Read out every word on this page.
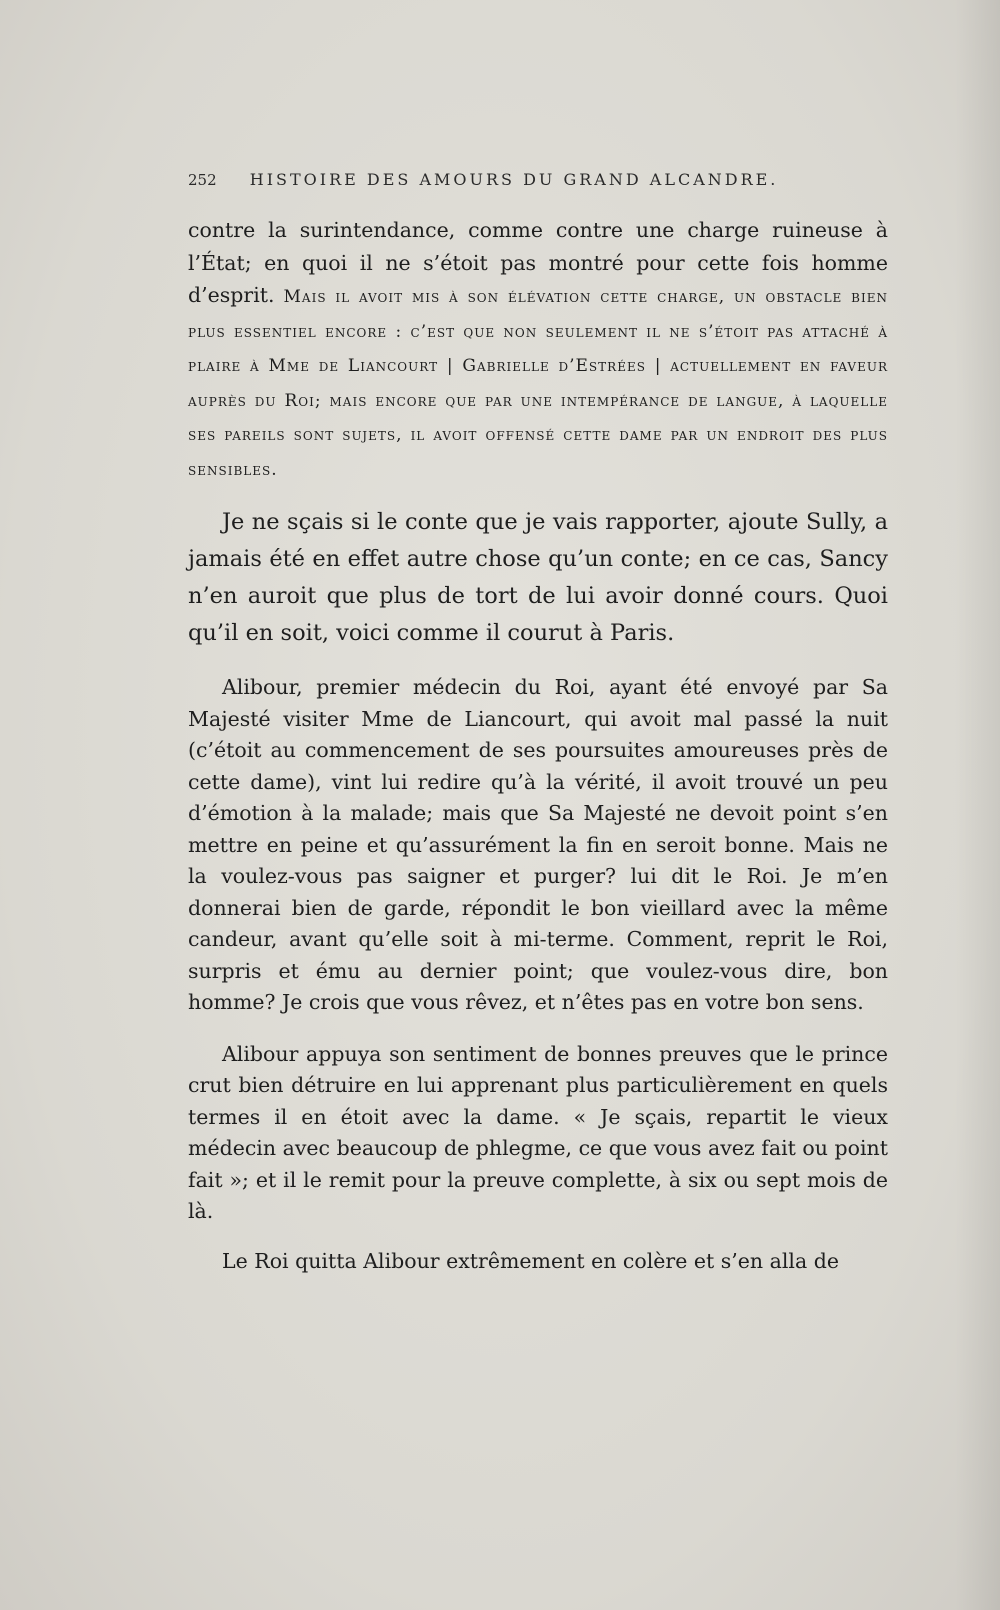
252 HISTOIRE DES AMOURS DU GRAND ALCANDRE.

contre la surintendance, comme contre une charge ruineuse à l’État; en quoi il ne s’étoit pas montré pour cette fois homme d’esprit. Mais il avoit mis à son élévation cette charge, un obstacle bien plus essentiel encore : c’est que non seulement il ne s’étoit pas attaché à plaire à Mme de Liancourt | Gabrielle d’Estrées | actuellement en faveur auprès du Roi; mais encore que par une intempérance de langue, à laquelle ses pareils sont sujets, il avoit offensé cette dame par un endroit des plus sensibles.

Je ne sçais si le conte que je vais rapporter, ajoute Sully, a jamais été en effet autre chose qu’un conte; en ce cas, Sancy n’en auroit que plus de tort de lui avoir donné cours. Quoi qu’il en soit, voici comme il courut à Paris.

Alibour, premier médecin du Roi, ayant été envoyé par Sa Majesté visiter Mme de Liancourt, qui avoit mal passé la nuit (c’étoit au commencement de ses poursuites amoureuses près de cette dame), vint lui redire qu’à la vérité, il avoit trouvé un peu d’émotion à la malade; mais que Sa Majesté ne devoit point s’en mettre en peine et qu’assurément la fin en seroit bonne. Mais ne la voulez-vous pas saigner et purger? lui dit le Roi. Je m’en donnerai bien de garde, répondit le bon vieillard avec la même candeur, avant qu’elle soit à mi-terme. Comment, reprit le Roi, surpris et ému au dernier point; que voulez-vous dire, bon homme? Je crois que vous rêvez, et n’êtes pas en votre bon sens.

Alibour appuya son sentiment de bonnes preuves que le prince crut bien détruire en lui apprenant plus particulièrement en quels termes il en étoit avec la dame. « Je sçais, repartit le vieux médecin avec beaucoup de phlegme, ce que vous avez fait ou point fait »; et il le remit pour la preuve complette, à six ou sept mois de là.

Le Roi quitta Alibour extrêmement en colère et s’en alla de
